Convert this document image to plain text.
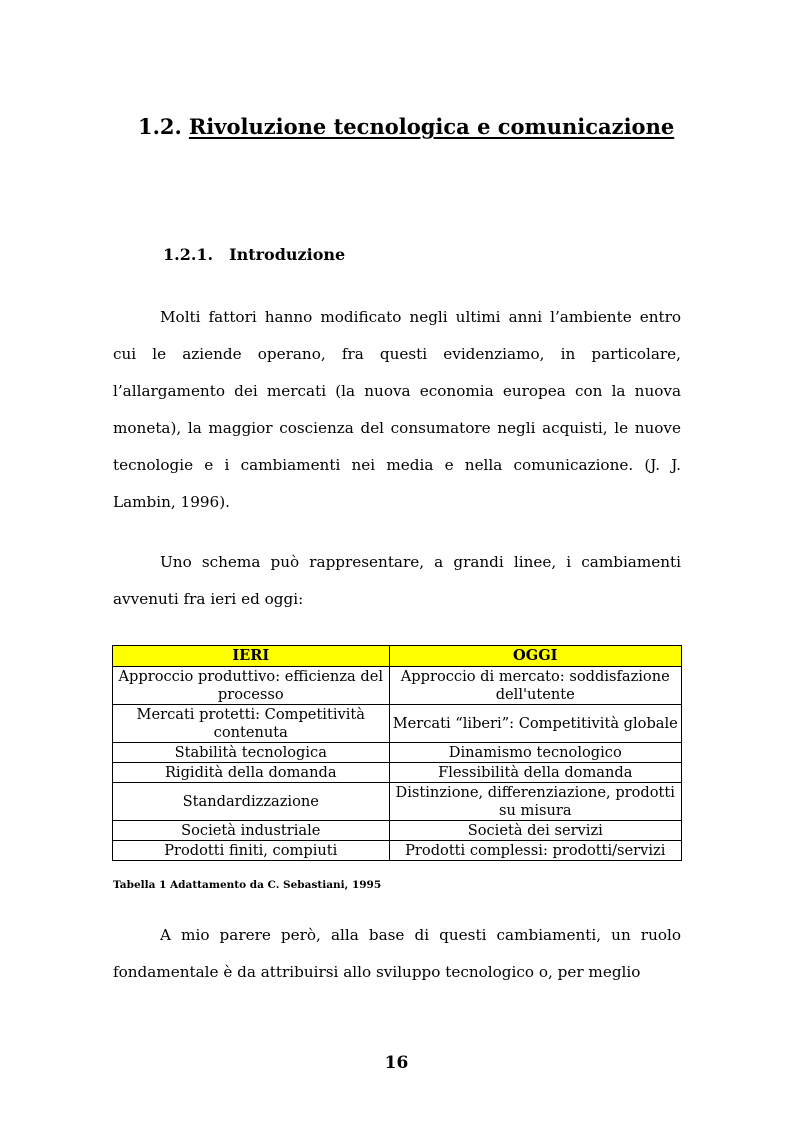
1.2. Rivoluzione tecnologica e comunicazione
1.2.1. Introduzione

Molti fattori hanno modificato negli ultimi anni l’ambiente entro cui le aziende operano, fra questi evidenziamo, in particolare, l’allargamento dei mercati (la nuova economia europea con la nuova moneta), la maggior coscienza del consumatore negli acquisti, le nuove tecnologie e i cambiamenti nei media e nella comunicazione. (J. J. Lambin, 1996).

Uno schema può rappresentare, a grandi linee, i cambiamenti avvenuti fra ieri ed oggi:

IERI	OGGI
Approccio produttivo: efficienza del processo	Approccio di mercato: soddisfazione dell'utente
Mercati protetti: Competitività contenuta	Mercati “liberi”: Competitività globale
Stabilità tecnologica	Dinamismo tecnologico
Rigidità della domanda	Flessibilità della domanda
Standardizzazione	Distinzione, differenziazione, prodotti su misura
Società industriale	Società dei servizi
Prodotti finiti, compiuti	Prodotti complessi: prodotti/servizi

Tabella 1 Adattamento da C. Sebastiani, 1995

A mio parere però, alla base di questi cambiamenti, un ruolo fondamentale è da attribuirsi allo sviluppo tecnologico o, per meglio

16
